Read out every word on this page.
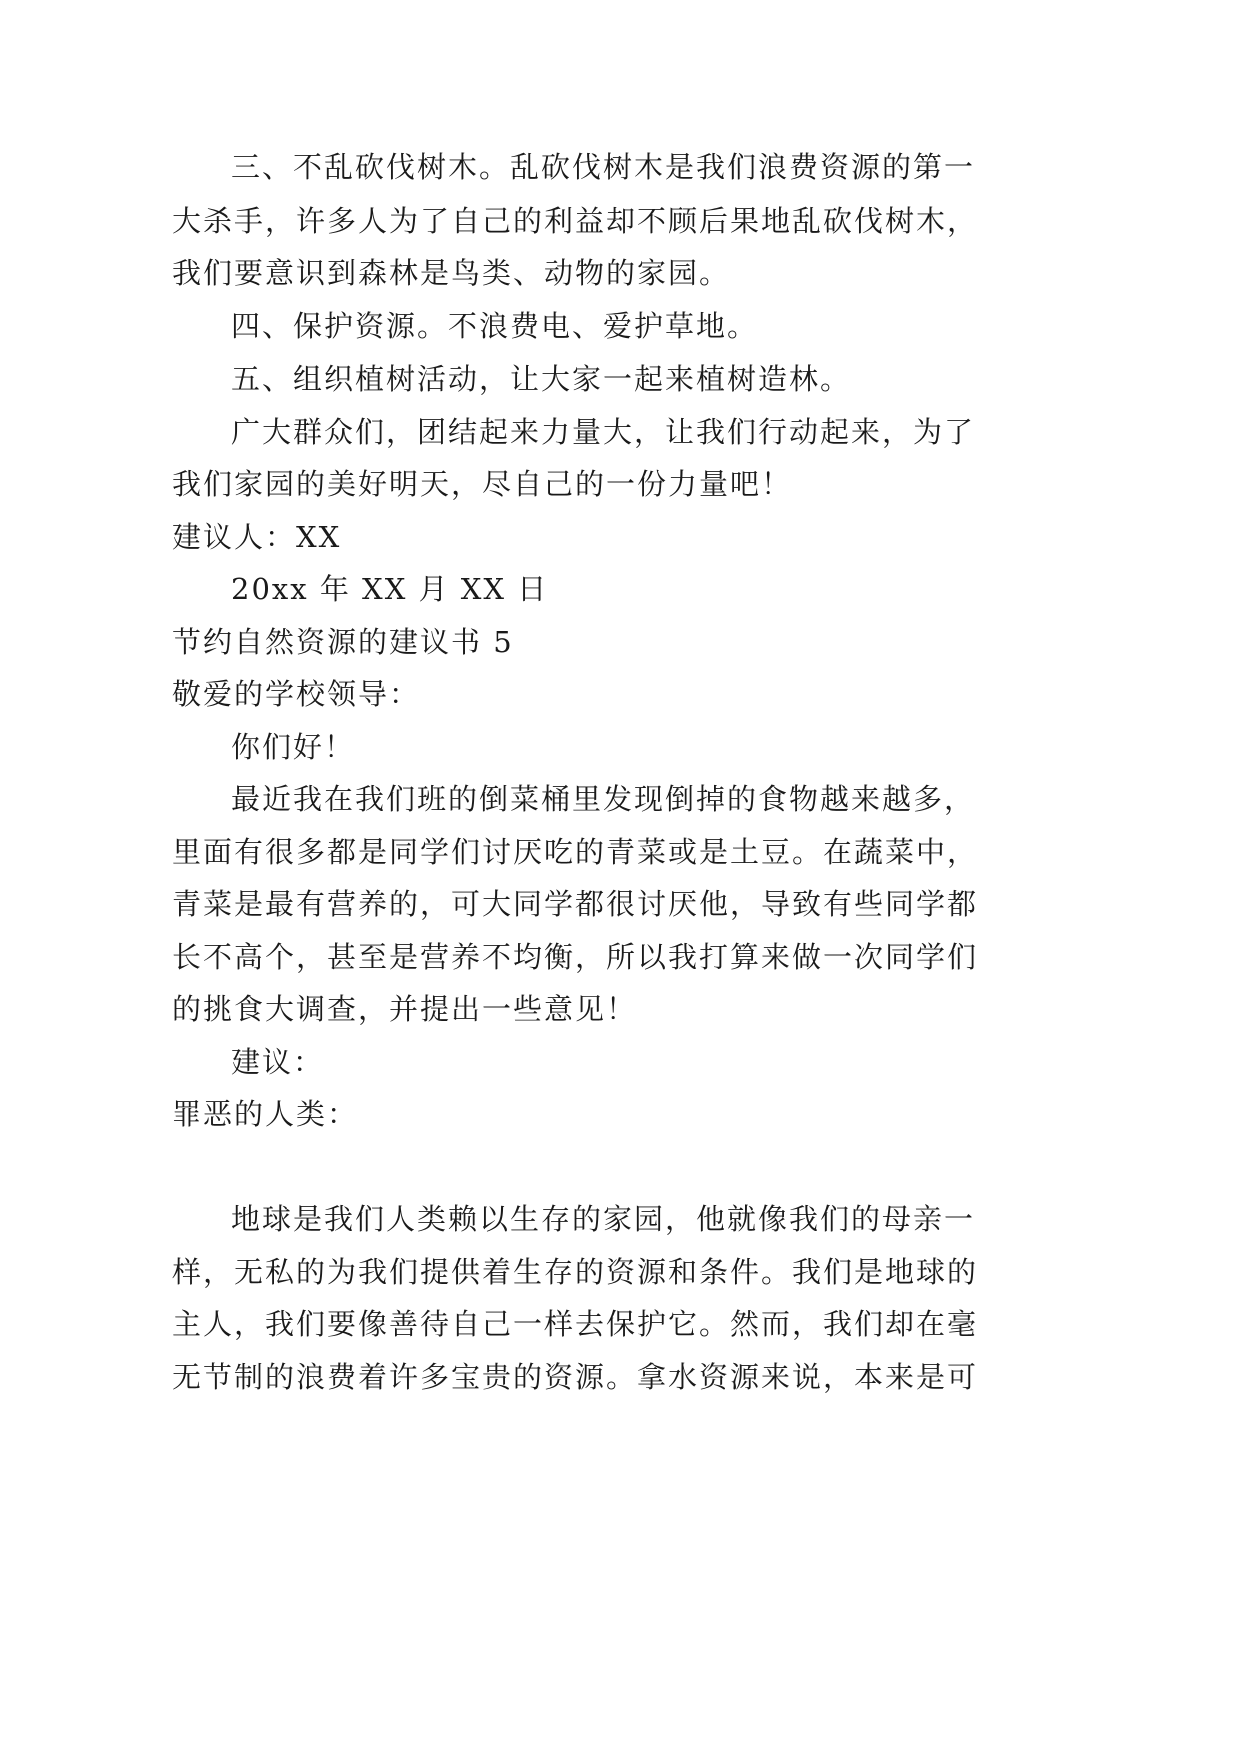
三、不乱砍伐树木。乱砍伐树木是我们浪费资源的第一
大杀手，许多人为了自己的利益却不顾后果地乱砍伐树木，
我们要意识到森林是鸟类、动物的家园。
四、保护资源。不浪费电、爱护草地。
五、组织植树活动，让大家一起来植树造林。
广大群众们，团结起来力量大，让我们行动起来，为了
我们家园的美好明天，尽自己的一份力量吧！
建议人：XX
20xx 年 XX 月 XX 日
节约自然资源的建议书 5
敬爱的学校领导：
你们好！
最近我在我们班的倒菜桶里发现倒掉的食物越来越多，
里面有很多都是同学们讨厌吃的青菜或是土豆。在蔬菜中，
青菜是最有营养的，可大同学都很讨厌他，导致有些同学都
长不高个，甚至是营养不均衡，所以我打算来做一次同学们
的挑食大调查，并提出一些意见！
建议：
罪恶的人类：
地球是我们人类赖以生存的家园，他就像我们的母亲一
样，无私的为我们提供着生存的资源和条件。我们是地球的
主人，我们要像善待自己一样去保护它。然而，我们却在毫
无节制的浪费着许多宝贵的资源。拿水资源来说，本来是可
